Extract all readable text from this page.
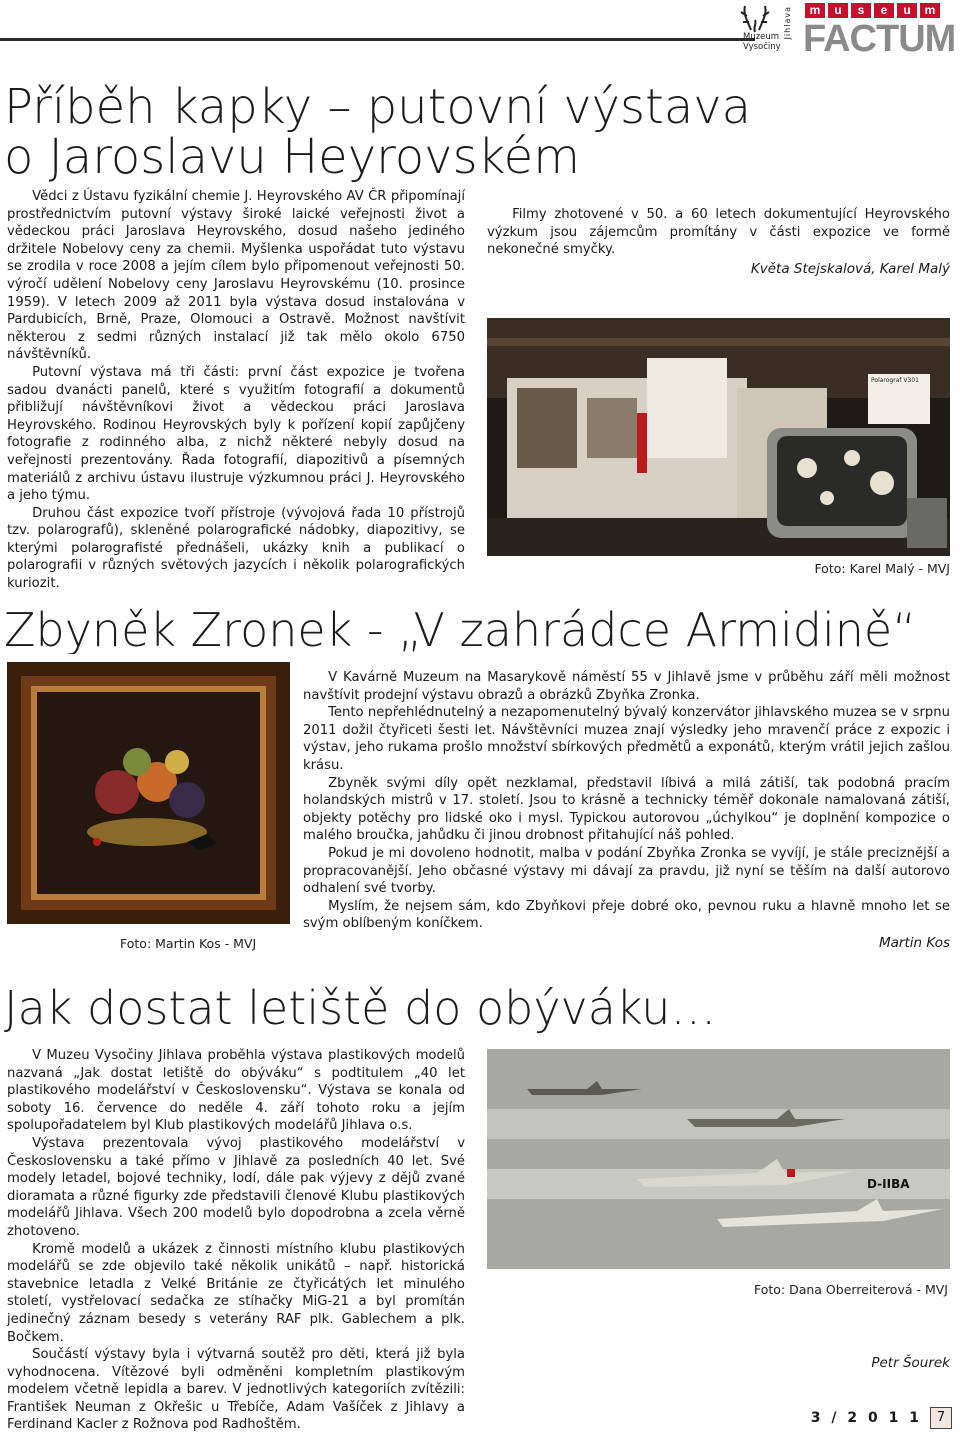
Muzeum
Vysočiny
Jihlava	m	u	s	e	u	m
FACTUM
Příběh kapky – putovní výstava
o Jaroslavu Heyrovském

Vědci z Ústavu fyzikální chemie J. Heyrovského AV ČR připomínají prostřednictvím putovní výstavy široké laické veřejnosti život a vědeckou práci Jaroslava Heyrovského, dosud našeho jediného držitele Nobelovy ceny za chemii. Myšlenka uspořádat tuto výstavu se zrodila v roce 2008 a jejím cílem bylo připomenout veřejnosti 50. výročí udělení Nobelovy ceny Jaroslavu Heyrovskému (10. prosince 1959). V letech 2009 až 2011 byla výstava dosud instalována v Pardubicích, Brně, Praze, Olomouci a Ostravě. Možnost navštívit některou z sedmi různých instalací již tak mělo okolo 6750 návštěvníků.

Putovní výstava má tři části: první část expozice je tvořena sadou dvanácti panelů, které s využitím fotografií a dokumentů přibližují návštěvníkovi život a vědeckou práci Jaroslava Heyrovského. Rodinou Heyrovských byly k pořízení kopií zapůjčeny fotografie z rodinného alba, z nichž některé nebyly dosud na veřejnosti prezentovány. Řada fotografií, diapozitivů a písemných materiálů z archivu ústavu ilustruje výzkumnou práci J. Heyrovského a jeho týmu.

Druhou část expozice tvoří přístroje (vývojová řada 10 přístrojů tzv. polarografů), skleněné polarografické nádobky, diapozitivy, se kterými polarografisté přednášeli, ukázky knih a publikací o polarografii v různých světových jazycích i několik polarografických kuriozit.

Filmy zhotovené v 50. a 60 letech dokumentující Heyrovského výzkum jsou zájemcům promítány v části expozice ve formě nekonečné smyčky.

Květa Stejskalová, Karel Malý
Polarograf V301
Foto: Karel Malý - MVJ
Zbyněk Zronek - „V zahrádce Armidině“
Foto: Martin Kos - MVJ

V Kavárně Muzeum na Masarykově náměstí 55 v Jihlavě jsme v průběhu září měli možnost navštívit prodejní výstavu obrazů a obrázků Zbyňka Zronka.

Tento nepřehlédnutelný a nezapomenutelný bývalý konzervátor jihlavského muzea se v srpnu 2011 dožil čtyřiceti šesti let. Návštěvníci muzea znají výsledky jeho mravenčí práce z expozic i výstav, jeho rukama prošlo množství sbírkových předmětů a exponátů, kterým vrátil jejich zašlou krásu.

Zbyněk svými díly opět nezklamal, představil líbivá a milá zátiší, tak podobná pracím holandských mistrů v 17. století. Jsou to krásně a technicky téměř dokonale namalovaná zátiší, objekty potěchy pro lidské oko i mysl. Typickou autorovou „úchylkou“ je doplnění kompozice o malého broučka, jahůdku či jinou drobnost přitahující náš pohled.

Pokud je mi dovoleno hodnotit, malba v podání Zbyňka Zronka se vyvíjí, je stále preciznější a propracovanější. Jeho občasné výstavy mi dávají za pravdu, již nyní se těším na další autorovo odhalení své tvorby.

Myslím, že nejsem sám, kdo Zbyňkovi přeje dobré oko, pevnou ruku a hlavně mnoho let se svým oblíbeným koníčkem.

Martin Kos
Jak dostat letiště do obýváku…

V Muzeu Vysočiny Jihlava proběhla výstava plastikových modelů nazvaná „Jak dostat letiště do obýváku“ s podtitulem „40 let plastikového modelářství v Československu“. Výstava se konala od soboty 16. července do neděle 4. září tohoto roku a jejím spolupořadatelem byl Klub plastikových modelářů Jihlava o.s.

Výstava prezentovala vývoj plastikového modelářství v Československu a také přímo v Jihlavě za posledních 40 let. Své modely letadel, bojové techniky, lodí, dále pak výjevy z dějů zvané dioramata a různé figurky zde představili členové Klubu plastikových modelářů Jihlava. Všech 200 modelů bylo dopodrobna a zcela věrně zhotoveno.

Kromě modelů a ukázek z činnosti místního klubu plastikových modelářů se zde objevilo také několik unikátů – např. historická stavebnice letadla z Velké Británie ze čtyřicátých let minulého století, vystřelovací sedačka ze stíhačky MiG-21 a byl promítán jedinečný záznam besedy s veterány RAF plk. Gablechem a plk. Bočkem.

Součástí výstavy byla i výtvarná soutěž pro děti, která již byla vyhodnocena. Vítězové byli odměněni kompletním plastikovým modelem včetně lepidla a barev. V jednotlivých kategoriích zvítězili: František Neuman z Okřešic u Třebíče, Adam Vašíček z Jihlavy a Ferdinand Kacler z Rožnova pod Radhoštěm.

D-IIBA
Foto: Dana Oberreiterová - MVJ
Petr Šourek
3 / 2 0 1 1	7
